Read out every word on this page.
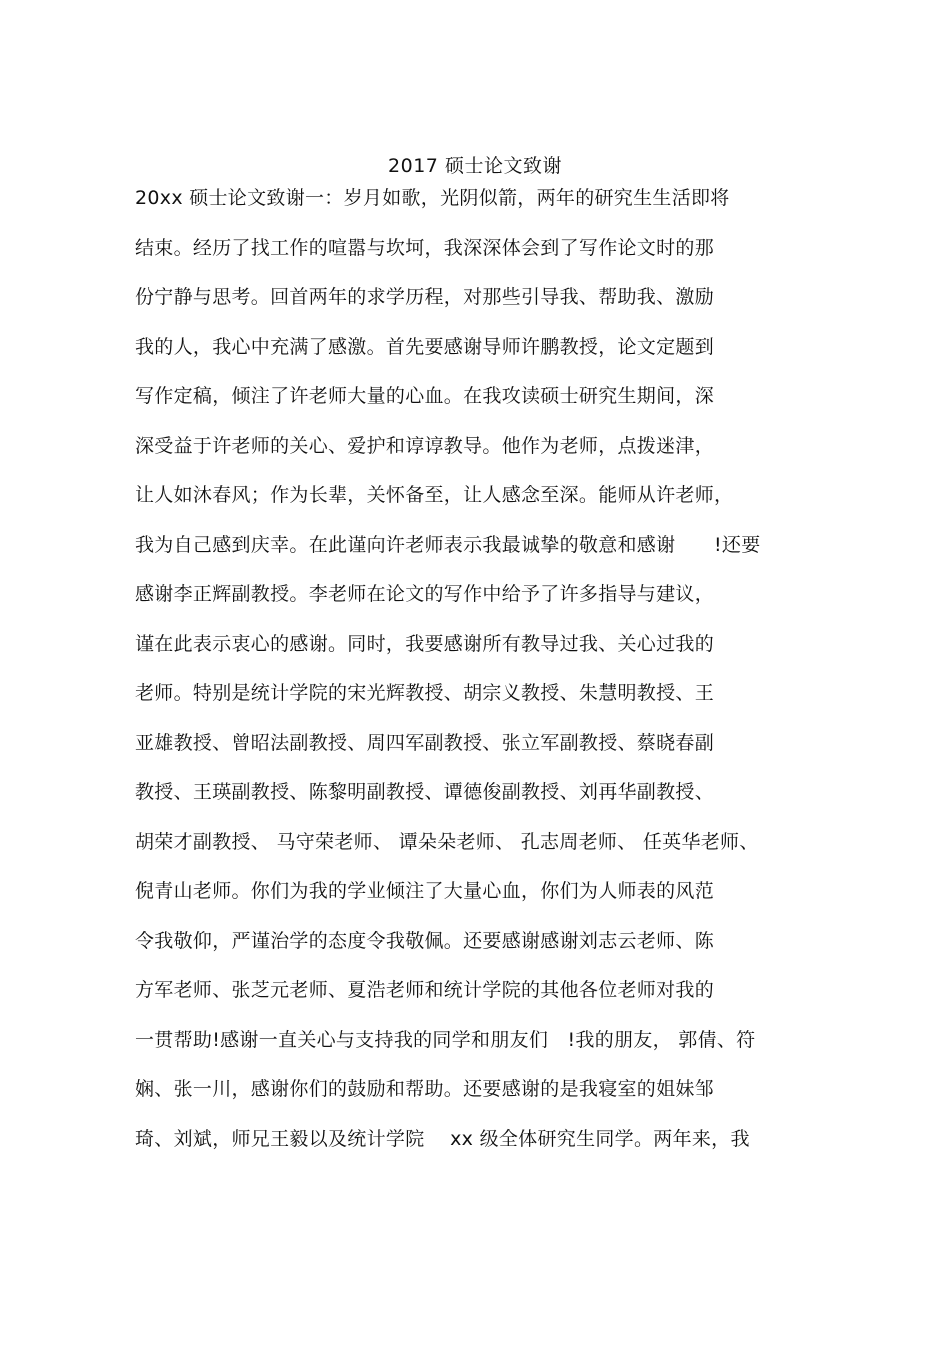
2017 硕士论文致谢
20xx 硕士论文致谢一：岁月如歌，光阴似箭，两年的研究生生活即将
结束。经历了找工作的喧嚣与坎坷，我深深体会到了写作论文时的那
份宁静与思考。回首两年的求学历程，对那些引导我、帮助我、激励
我的人，我心中充满了感激。首先要感谢导师许鹏教授，论文定题到
写作定稿，倾注了许老师大量的心血。在我攻读硕士研究生期间，深
深受益于许老师的关心、爱护和谆谆教导。他作为老师，点拨迷津，
让人如沐春风；作为长辈，关怀备至，让人感念至深。能师从许老师，
我为自己感到庆幸。在此谨向许老师表示我最诚挚的敬意和感谢　　!还要
感谢李正辉副教授。李老师在论文的写作中给予了许多指导与建议，
谨在此表示衷心的感谢。同时，我要感谢所有教导过我、关心过我的
老师。特别是统计学院的宋光辉教授、胡宗义教授、朱慧明教授、王
亚雄教授、曾昭法副教授、周四军副教授、张立军副教授、蔡晓春副
教授、王瑛副教授、陈黎明副教授、谭德俊副教授、刘再华副教授、
胡荣才副教授、 马守荣老师、 谭朵朵老师、 孔志周老师、 任英华老师、
倪青山老师。你们为我的学业倾注了大量心血，你们为人师表的风范
令我敬仰，严谨治学的态度令我敬佩。还要感谢感谢刘志云老师、陈
方军老师、张芝元老师、夏浩老师和统计学院的其他各位老师对我的
一贯帮助!感谢一直关心与支持我的同学和朋友们　!我的朋友， 郭倩、符
娴、张一川，感谢你们的鼓励和帮助。还要感谢的是我寝室的姐妹邹
琦、刘斌，师兄王毅以及统计学院　 xx 级全体研究生同学。两年来，我
